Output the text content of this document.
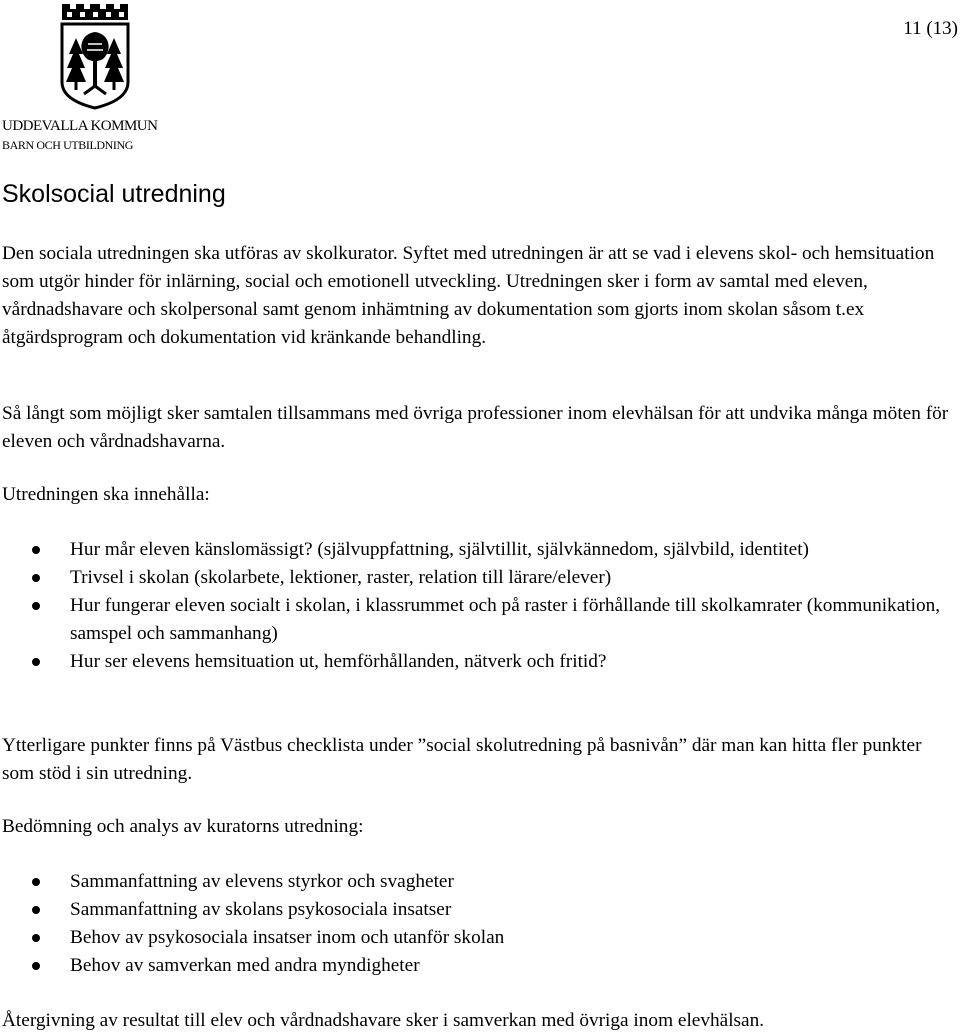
11 (13)
UDDEVALLA KOMMUN
BARN OCH UTBILDNING
Skolsocial utredning

Den sociala utredningen ska utföras av skolkurator. Syftet med utredningen är att se vad i elevens skol- och hemsituation som utgör hinder för inlärning, social och emotionell utveckling. Utredningen sker i form av samtal med eleven, vårdnadshavare och skolpersonal samt genom inhämtning av dokumentation som gjorts inom skolan såsom t.ex åtgärdsprogram och dokumentation vid kränkande behandling.

Så långt som möjligt sker samtalen tillsammans med övriga professioner inom elevhälsan för att undvika många möten för eleven och vårdnadshavarna.

Utredningen ska innehålla:

Hur mår eleven känslomässigt? (självuppfattning, självtillit, självkännedom, självbild, identitet)
Trivsel i skolan (skolarbete, lektioner, raster, relation till lärare/elever)
Hur fungerar eleven socialt i skolan, i klassrummet och på raster i förhållande till skolkamrater (kommunikation, samspel och sammanhang)
Hur ser elevens hemsituation ut, hemförhållanden, nätverk och fritid?

Ytterligare punkter finns på Västbus checklista under ”social skolutredning på basnivån” där man kan hitta fler punkter som stöd i sin utredning.

Bedömning och analys av kuratorns utredning:

Sammanfattning av elevens styrkor och svagheter
Sammanfattning av skolans psykosociala insatser
Behov av psykosociala insatser inom och utanför skolan
Behov av samverkan med andra myndigheter

Återgivning av resultat till elev och vårdnadshavare sker i samverkan med övriga inom elevhälsan.
